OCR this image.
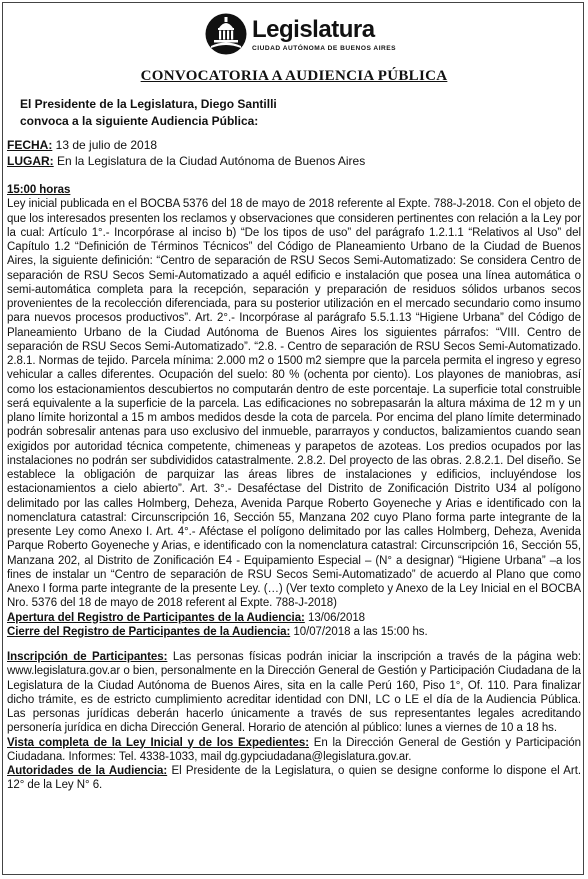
Legislatura
CIUDAD AUTÓNOMA DE BUENOS AIRES
CONVOCATORIA A AUDIENCIA PÚBLICA
El Presidente de la Legislatura, Diego Santilli
convoca a la siguiente Audiencia Pública:
FECHA: 13 de julio de 2018
LUGAR: En la Legislatura de la Ciudad Autónoma de Buenos Aires

15:00 horas

Ley inicial publicada en el BOCBA 5376 del 18 de mayo de 2018 referente al Expte. 788-J-2018. Con el objeto de que los interesados presenten los reclamos y observaciones que consideren pertinentes con relación a la Ley por la cual: Artículo 1°.- Incorpórase al inciso b) “De los tipos de uso” del parágrafo 1.2.1.1 “Relativos al Uso” del Capítulo 1.2 “Definición de Términos Técnicos” del Código de Planeamiento Urbano de la Ciudad de Buenos Aires, la siguiente definición: “Centro de separación de RSU Secos Semi-Automatizado: Se considera Centro de separación de RSU Secos Semi-Automatizado a aquél edificio e instalación que posea una línea automática o semi-automática completa para la recepción, separación y preparación de residuos sólidos urbanos secos provenientes de la recolección diferenciada, para su posterior utilización en el mercado secundario como insumo para nuevos procesos productivos”. Art. 2°.- Incorpórase al parágrafo 5.5.1.13 “Higiene Urbana” del Código de Planeamiento Urbano de la Ciudad Autónoma de Buenos Aires los siguientes párrafos: “VIII. Centro de separación de RSU Secos Semi-Automatizado”. “2.8. - Centro de separación de RSU Secos Semi-Automatizado. 2.8.1. Normas de tejido. Parcela mínima: 2.000 m2 o 1500 m2 siempre que la parcela permita el ingreso y egreso vehicular a calles diferentes. Ocupación del suelo: 80 % (ochenta por ciento). Los playones de maniobras, así como los estacionamientos descubiertos no computarán dentro de este porcentaje. La superficie total construible será equivalente a la superficie de la parcela. Las edificaciones no sobrepasarán la altura máxima de 12 m y un plano límite horizontal a 15 m ambos medidos desde la cota de parcela. Por encima del plano límite determinado podrán sobresalir antenas para uso exclusivo del inmueble, pararrayos y conductos, balizamientos cuando sean exigidos por autoridad técnica competente, chimeneas y parapetos de azoteas. Los predios ocupados por las instalaciones no podrán ser subdivididos catastralmente. 2.8.2. Del proyecto de las obras. 2.8.2.1. Del diseño. Se establece la obligación de parquizar las áreas libres de instalaciones y edificios, incluyéndose los estacionamientos a cielo abierto”. Art. 3°.- Desaféctase del Distrito de Zonificación Distrito U34 al polígono delimitado por las calles Holmberg, Deheza, Avenida Parque Roberto Goyeneche y Arias e identificado con la nomenclatura catastral: Circunscripción 16, Sección 55, Manzana 202 cuyo Plano forma parte integrante de la presente Ley como Anexo I. Art. 4°.- Aféctase el polígono delimitado por las calles Holmberg, Deheza, Avenida Parque Roberto Goyeneche y Arias, e identificado con la nomenclatura catastral: Circunscripción 16, Sección 55, Manzana 202, al Distrito de Zonificación E4 - Equipamiento Especial – (N° a designar) “Higiene Urbana” –a los fines de instalar un “Centro de separación de RSU Secos Semi-Automatizado” de acuerdo al Plano que como Anexo I forma parte integrante de la presente Ley. (…) (Ver texto completo y Anexo de la Ley Inicial en el BOCBA Nro. 5376 del 18 de mayo de 2018 referent al Expte. 788-J-2018)

Apertura del Registro de Participantes de la Audiencia: 13/06/2018

Cierre del Registro de Participantes de la Audiencia: 10/07/2018 a las 15:00 hs.

Inscripción de Participantes: Las personas físicas podrán iniciar la inscripción a través de la página web: www.legislatura.gov.ar o bien, personalmente en la Dirección General de Gestión y Participación Ciudadana de la Legislatura de la Ciudad Autónoma de Buenos Aires, sita en la calle Perú 160, Piso 1°, Of. 110. Para finalizar dicho trámite, es de estricto cumplimiento acreditar identidad con DNI, LC o LE el día de la Audiencia Pública. Las personas jurídicas deberán hacerlo únicamente a través de sus representantes legales acreditando personería jurídica en dicha Dirección General. Horario de atención al público: lunes a viernes de 10 a 18 hs.

Vista completa de la Ley Inicial y de los Expedientes: En la Dirección General de Gestión y Participación Ciudadana. Informes: Tel. 4338-1033, mail dg.gypciudadana@legislatura.gov.ar.

Autoridades de la Audiencia: El Presidente de la Legislatura, o quien se designe conforme lo dispone el Art. 12° de la Ley N° 6.
